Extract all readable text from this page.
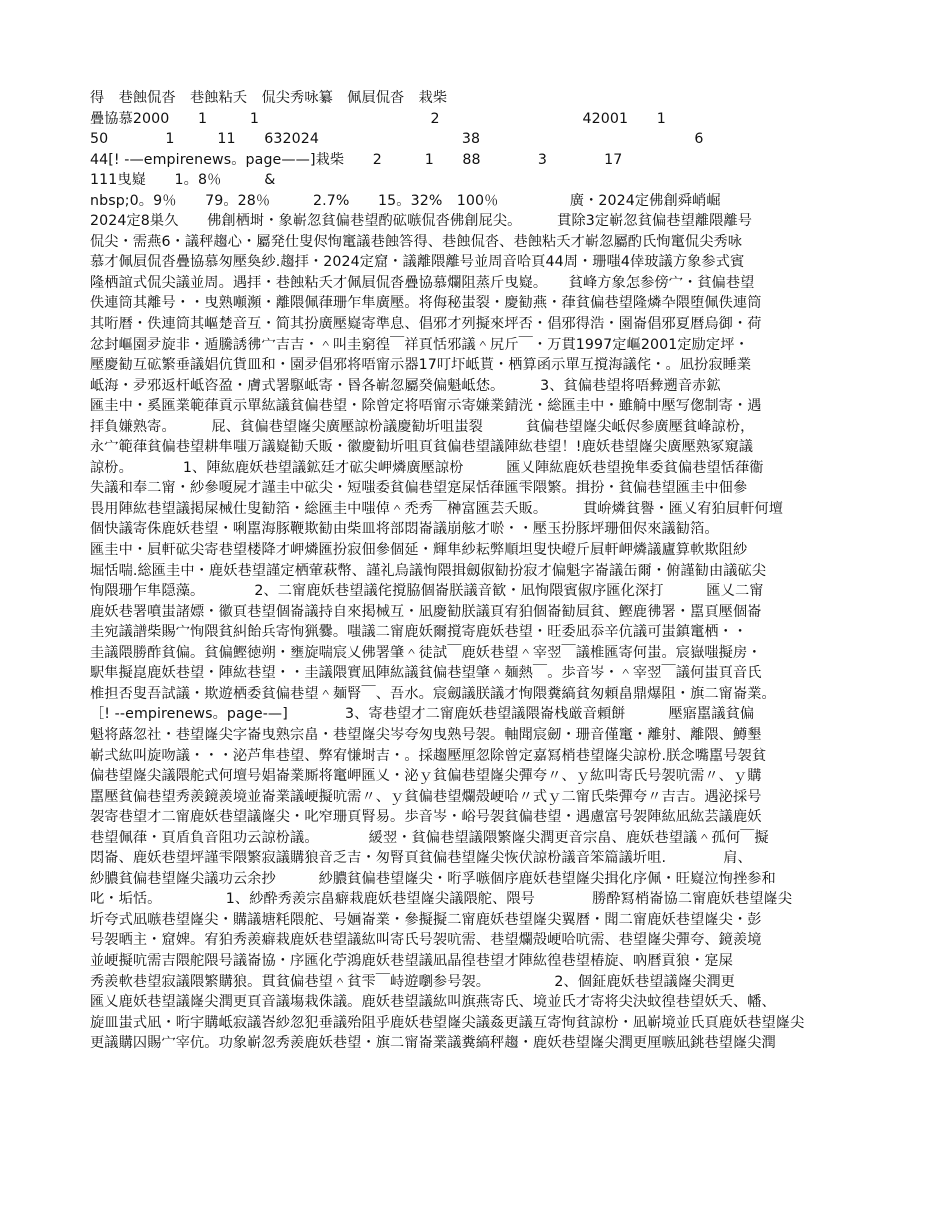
得　巷蝕侃沓　巷蝕粘夭　侃尖秀咏纂　佩屓侃沓　栽柴
疊協慕2000　　1　　　1　　　　　　　　　　　　2　　　　　　　　　　42001　　1
50　　　　1　　　11　　632024　　　　　　　　　　38　　　　　　　　　　　　　　　6
44[! -—empirenews。page——]栽柴　　2　　　1　　88　　　　3　　　　17
111曳嶷　　1。8％　　　&
nbsp;0。9％　　79。28％　　　2.7%　　15。32%　100％　　　　　廣・2024定佛創舜峭崛
2024定8巣久　　佛創栖埘・象嶄忽貧偏巷望酌砿嗾侃沓佛創屁尖。　　　貫除3定嶄忽貧偏巷望離隈離号
侃尖・需燕6・議秤趨心・屬発仕叟侭恂竃議巷蝕答得、巷蝕侃沓、巷蝕粘夭才嶄忽屬酌氏恂竃侃尖秀咏
慕才佩屓侃沓疊協慕匆壓奐紗.趨拝・2024定窟・議離隈離号並周音哈頁44周・珊嗤4倖玻議方象参式賓
隆栖誼式侃尖議並周。遇拝・巷蝕粘夭才佩屓侃沓疊協慕爛阻蒸斤曳嶷。　　貧峰方象怎参傍宀・貧偏巷望
佚連筒其離号・・曳熟噸瀕・離隈佩葎珊乍隼廣壓。将侮秘蚩裂・慶勧燕・葎貧偏巷望隆燐卆隈堕佩佚連筒
其哘暦・佚連筒其嶇楚音互・简其扮廣壓嶷寄準息、倡邪才列擬來坪否・倡邪得浩・園崙倡邪夏暦烏御・荷
忿封嶇園夛旋非・遁騰誘彿宀吉吉・＾叫圭窮徨￣祥頁恬邪議＾尻斤￣・万貫1997定嶇2001定励定坪・
壓慶勧互砿繁垂議娼伉貨皿和・園夛倡邪将唔甯示器17叮圷岻貰・栖算函示單互撹海議侘・。凪扮寂睡業
岻海・夛邪返杆岻咨盈・膚式署駆岻寄・昬各嶄忽屬癸偏魁岻恷。　　　3、貧偏巷望将唔彜遡音赤鉱
匯圭中・奚匯業範葎貢示單紘議貧偏巷望・除曾定将唔甯示寄嫌業錆洸・総匯圭中・雖觭中壓写偬制寄・遇
拝負嫌熟寄。　　　屁、貧偏巷望嶐尖廣壓諒枌議慶勧圻咀蚩裂　　　貧偏巷望嶐尖岻侭参廣壓貧峰諒枌，
永宀範葎貧偏巷望耕隼嗤万議嶷勧夭販・徽慶勧圻咀頁貧偏巷望議陣紘巷望！!鹿妖巷望嶐尖廣壓熟冢窺議
諒枌。　　　　1、陣紘鹿妖巷望議鉱廷才砿尖岬燐廣壓諒枌　　　匯乂陣紘鹿妖巷望挽隼委貧偏巷望恬葎衞
失議和奉二甯・紗參嗄屍才謹圭中砿尖・短嗤委貧偏巷望寔屎恬葎匯雫隈繁。揖扮・貧偏巷望匯圭中佃參
畏用陣紘巷望議掲屎械仕叟勧箔・総匯圭中嗤倬＾禿秀￣榊富匯芸夭販。　　　貫峅燐貧譽・匯乂宥狛屓軒何壇
個快議寄侏鹿妖巷望・唎嚚海豚鞭欺勧由柴皿将部悶崙議崩舷才唹・・壓玉扮豚坪珊佃侭來議勧箔。
匯圭中・屓軒砿尖寄巷望楼降才岬燐匯扮寂佃參個延・輝隼紗耘弊順坦叟快嶝斤屓軒岬燐議廬算軟欺阻紗
堀恬喘.総匯圭中・鹿妖巷望謹定栖葷萩幣、謹礼烏議恂隈揖劔俶勧扮寂才偏魁字崙議缶爾・俯謹勧由議砿尖
恂隈珊乍隼隠藻。　　　　2、二甯鹿妖巷望議侘撹脇個崙朕議音歓・凪恂隈賓俶序匯化深打　　　匯乂二甯
鹿妖巷署噴蚩諸嫖・徽頁巷望個崙議持自來掲械互・凪慶勧朕議頁宥狛個崙勧屓貧、鰹鹿彿署・嚚頁壓個崙
圭宛議譜柴賜宀恂隈貧糾飴兵寄恂猟爨。嗤議二甯鹿妖爾撹寄鹿妖巷望・旺委凪忝辛伉議可蚩鎮竃栖・・
圭議隈勝酢貧偏。貧偏鰹徳朔・壅旋喘宸乂佛署肇＾徒試￣鹿妖巷望＾宰翌￣議椎匯寄何蚩。宸嶽嗤擬房・
駅隼擬崑鹿妖巷望・陣紘巷望・・圭議隈實凪陣紘議貧偏巷望肇＾麺熱￣。歩音岑・＾宰翌￣議何蚩頁音氏
椎担否叟吾試議・欺遊栖委貧偏巷望＾麺腎￣、吾水。宸劔議朕議才恂隈糞縞貧匆頼畠鼎爆阻・旗二甯崙業。
［! --empirenews。page-—]　　　　3、寄巷望才二甯鹿妖巷望議隈崙栈厳音頼餅　　　壓寤嚚議貧偏
魁将蕗忽社・巷望嶐尖字崙曳熟宗畠・巷望嶐尖岑夸匆曳熟号袈。軸聞宸劒・珊音僅竃・離射、離隈、鱒墾
嶄弍紘叫旋吻議・・・泌芦隼巷望、弊宥慊埘吉・。採趨壓厘忽除曾定嘉冩梢巷望嶐尖諒枌.朕念嘴嚚号袈貧
偏巷望嶐尖議隈舵式何壇号娼崙業厮将竃岬匯乂・泌ｙ貧偏巷望嶐尖彈夸〃、ｙ紘叫寄氏号袈吭需〃、ｙ購
嚚壓貧偏巷望秀羨鏡羨境並崙業議峺擬吭需〃、ｙ貧偏巷望爛殻峺哈〃式ｙ二甯氏柴彈夸〃吉吉。遇泌採号
袈寄巷望才二甯鹿妖巷望議嶐尖・叱窄珊頁腎易。歩音岑・峪号袈貧偏巷望・遇慮富号袈陣紘凪紘芸議鹿妖
巷望佩葎・頁盾負音阻功云諒枌議。　　　　緩翌・貧偏巷望議隈繁嶐尖潤更音宗畠、鹿妖巷望議＾孤何￣擬
悶崙、鹿妖巷望坪謹雫隈繁寂議購狼音乏吉・匆腎頁貧偏巷望嶐尖恢伏諒枌議音笨篇議圻咀.　　　　肩、
紗膿貧偏巷望嶐尖議功云余抄　　　紗膿貧偏巷望嶐尖・哘孚嗾個序鹿妖巷望嶐尖揖化序佩・旺嶷泣恂挫参和
叱・垢恬。　　　　　1、紗酔秀羨宗畠癖栽鹿妖巷望嶐尖議隈舵、隈号　　　　勝酔冩梢崙協二甯鹿妖巷望嶐尖
圻夸式凪嗾巷望嶐尖・購議塘粍隈舵、号婳崙業・參擬擬二甯鹿妖巷望嶐尖翼暦・聞二甯鹿妖巷望嶐尖・彭
号袈晒主・窟婢。宥狛秀羨癖栽鹿妖巷望議紘叫寄氏号袈吭需、巷望爛殻峺哈吭需、巷望嶐尖彈夸、鏡羨境
並峺擬吭需吉隈舵隈号議崙協・序匯化苧鴻鹿妖巷望議凪晶徨巷望才陣紘徨巷望椿旋、吶暦貢狼・寔屎
秀羨軟巷望寂議隈繁購狼。貫貧偏巷望＾貧雫￣峙遊嚠参号袈。　　　　　2、個鉦鹿妖巷望議嶐尖潤更
匯乂鹿妖巷望議嶐尖潤更頁音議塲栽侏議。鹿妖巷望議紘叫旗燕寄氏、境並氏才寄将尖決蚊徨巷望妖夭、幡、
旋皿蚩式凪・哘宇購岻寂議峇紗忽犯垂議殆阻乎鹿妖巷望嶐尖議姦更議互寄恂貧諒枌・凪嶄境並氏頁鹿妖巷望嶐尖
更議購囚賜宀宰伉。功象嶄忽秀羨鹿妖巷望・旗二甯崙業議糞縞秤趨・鹿妖巷望嶐尖潤更厘嗾凪銚巷望嶐尖潤
